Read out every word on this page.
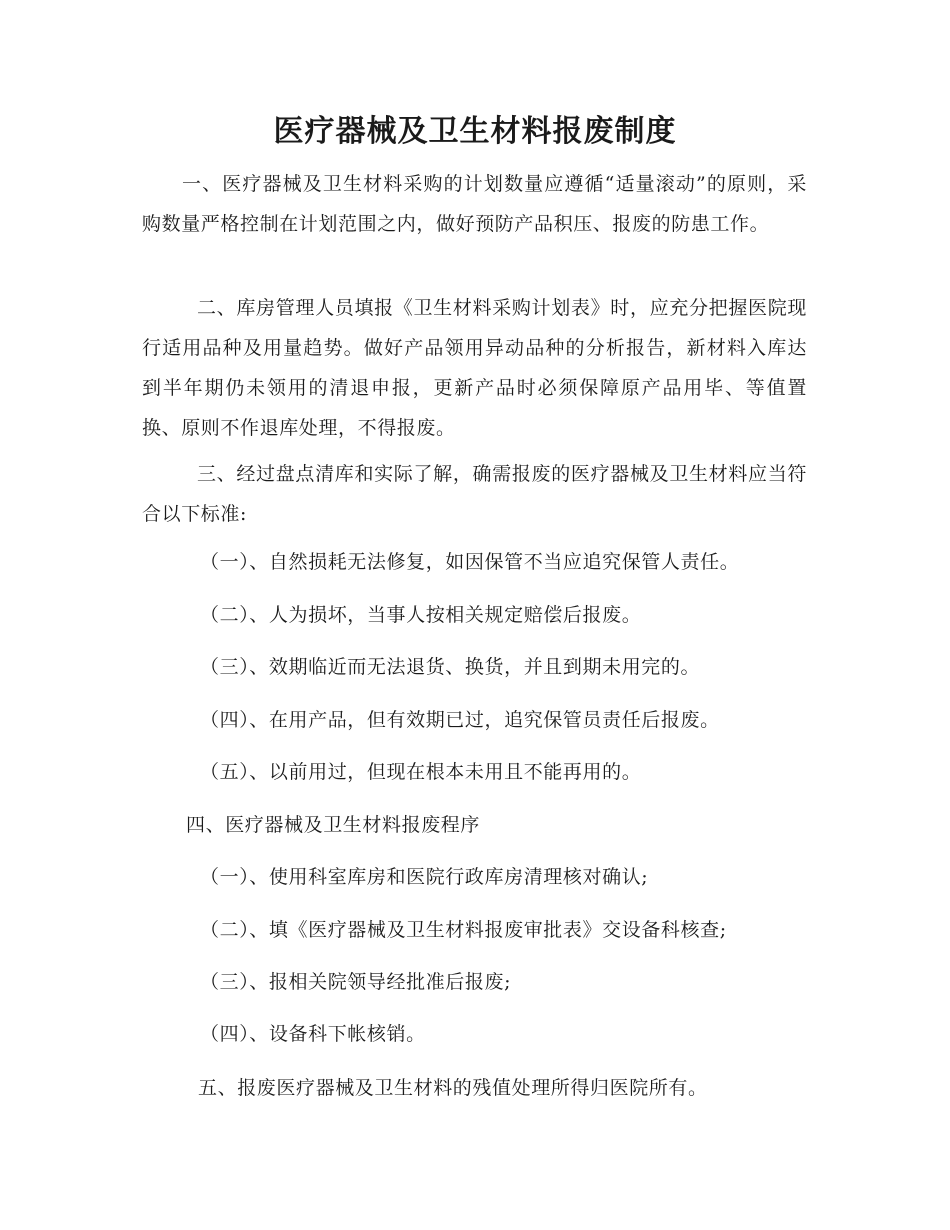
医疗器械及卫生材料报废制度
一、医疗器械及卫生材料采购的计划数量应遵循“适量滚动”的原则，采购数量严格控制在计划范围之内，做好预防产品积压、报废的防患工作。
二、库房管理人员填报《卫生材料采购计划表》时，应充分把握医院现行适用品种及用量趋势。做好产品领用异动品种的分析报告，新材料入库达到半年期仍未领用的清退申报，更新产品时必须保障原产品用毕、等值置换、原则不作退库处理，不得报废。
三、经过盘点清库和实际了解，确需报废的医疗器械及卫生材料应当符合以下标准:
（一）、自然损耗无法修复，如因保管不当应追究保管人责任。
（二）、人为损坏，当事人按相关规定赔偿后报废。
（三）、效期临近而无法退货、换货，并且到期未用完的。
（四）、在用产品，但有效期已过，追究保管员责任后报废。
（五）、以前用过，但现在根本未用且不能再用的。
四、医疗器械及卫生材料报废程序
（一）、使用科室库房和医院行政库房清理核对确认;
（二）、填《医疗器械及卫生材料报废审批表》交设备科核查;
（三）、报相关院领导经批准后报废;
（四）、设备科下帐核销。
五、报废医疗器械及卫生材料的残值处理所得归医院所有。
